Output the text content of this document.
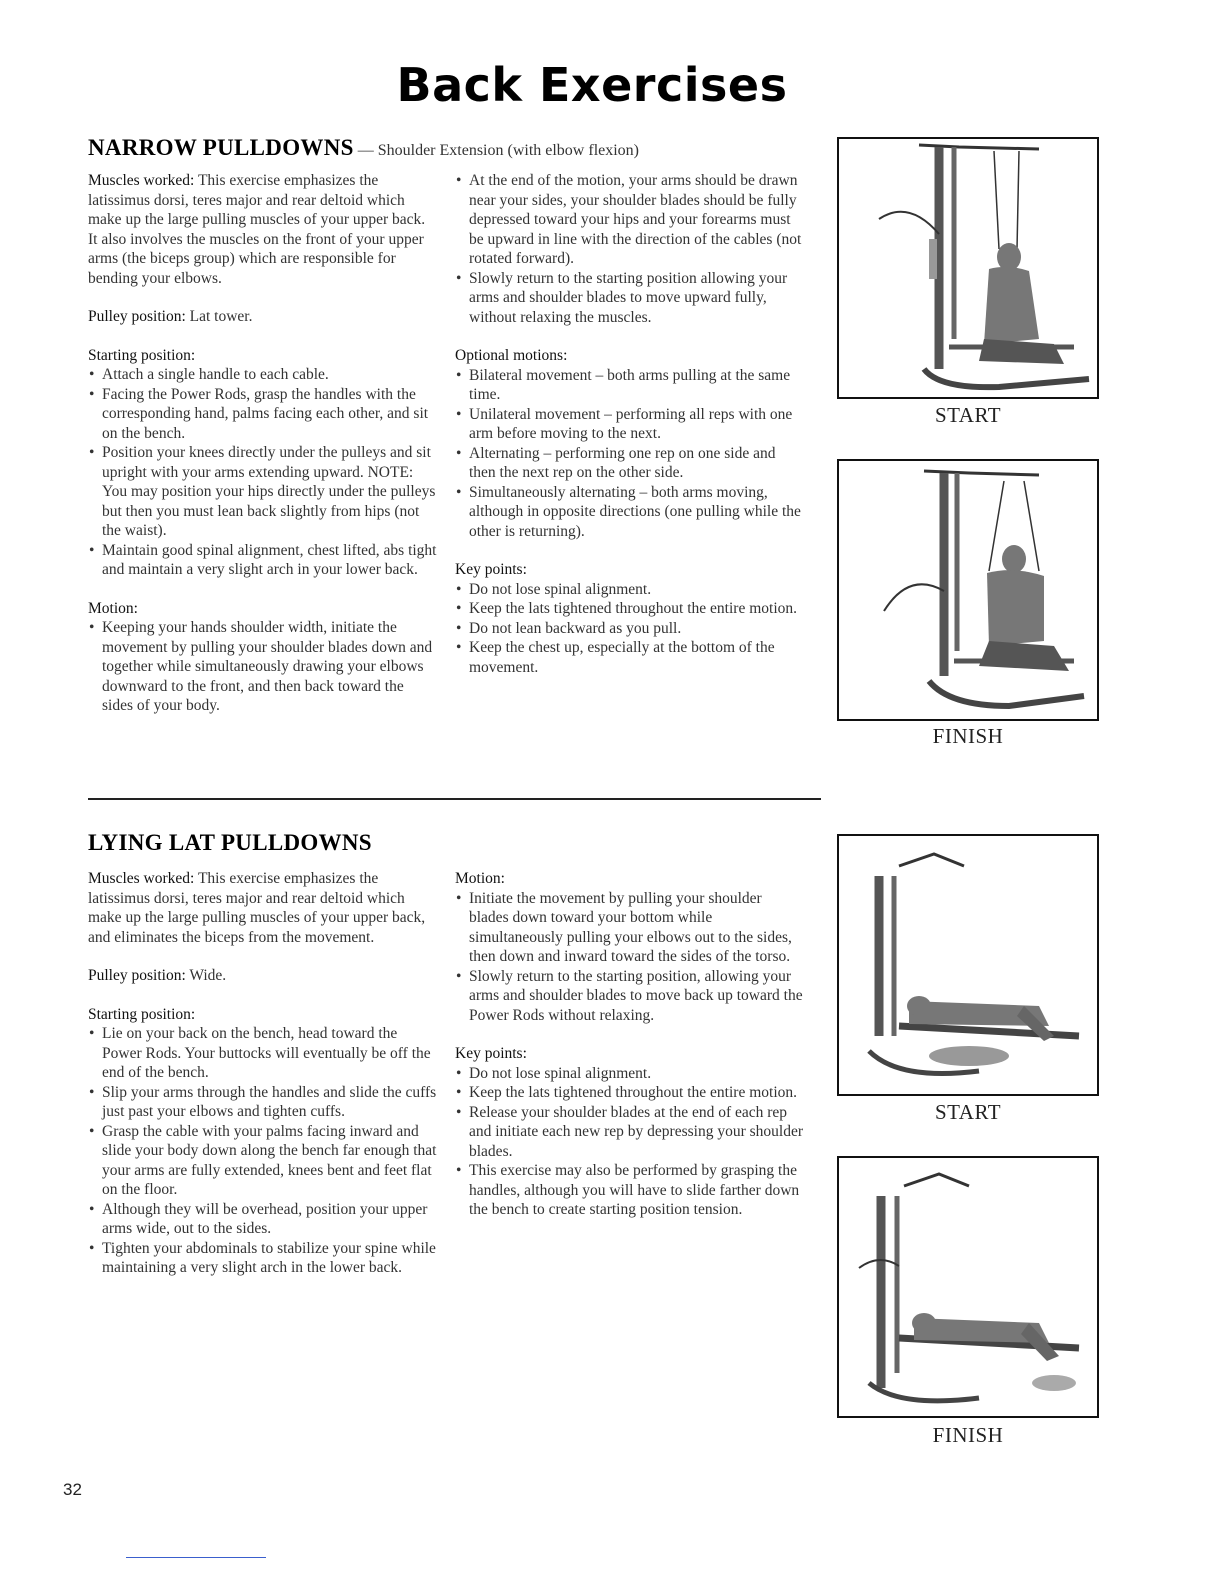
Back Exercises
NARROW PULLDOWNS — Shoulder Extension (with elbow flexion)

Muscles worked: This exercise emphasizes the latissimus dorsi, teres major and rear deltoid which make up the large pulling muscles of your upper back. It also involves the muscles on the front of your upper arms (the biceps group) which are responsible for bending your elbows.

Pulley position: Lat tower.

Starting position:

• Attach a single handle to each cable.
• Facing the Power Rods, grasp the handles with the corresponding hand, palms facing each other, and sit on the bench.
• Position your knees directly under the pulleys and sit upright with your arms extending upward. NOTE: You may position your hips directly under the pulleys but then you must lean back slightly from hips (not the waist).
• Maintain good spinal alignment, chest lifted, abs tight and maintain a very slight arch in your lower back.

Motion:

• Keeping your hands shoulder width, initiate the movement by pulling your shoulder blades down and together while simultaneously drawing your elbows downward to the front, and then back toward the sides of your body.
• At the end of the motion, your arms should be drawn near your sides, your shoulder blades should be fully depressed toward your hips and your forearms must be upward in line with the direction of the cables (not rotated forward).
• Slowly return to the starting position allowing your arms and shoulder blades to move upward fully, without relaxing the muscles.

Optional motions:

• Bilateral movement – both arms pulling at the same time.
• Unilateral movement – performing all reps with one arm before moving to the next.
• Alternating – performing one rep on one side and then the next rep on the other side.
• Simultaneously alternating – both arms moving, although in opposite directions (one pulling while the other is returning).

Key points:

• Do not lose spinal alignment.
• Keep the lats tightened throughout the entire motion.
• Do not lean backward as you pull.
• Keep the chest up, especially at the bottom of the movement.
START
FINISH
LYING LAT PULLDOWNS

Muscles worked: This exercise emphasizes the latissimus dorsi, teres major and rear deltoid which make up the large pulling muscles of your upper back, and eliminates the biceps from the movement.

Pulley position: Wide.

Starting position:

• Lie on your back on the bench, head toward the Power Rods. Your buttocks will eventually be off the end of the bench.
• Slip your arms through the handles and slide the cuffs just past your elbows and tighten cuffs.
• Grasp the cable with your palms facing inward and slide your body down along the bench far enough that your arms are fully extended, knees bent and feet flat on the floor.
• Although they will be overhead, position your upper arms wide, out to the sides.
• Tighten your abdominals to stabilize your spine while maintaining a very slight arch in the lower back.

Motion:

• Initiate the movement by pulling your shoulder blades down toward your bottom while simultaneously pulling your elbows out to the sides, then down and inward toward the sides of the torso.
• Slowly return to the starting position, allowing your arms and shoulder blades to move back up toward the Power Rods without relaxing.

Key points:

• Do not lose spinal alignment.
• Keep the lats tightened throughout the entire motion.
• Release your shoulder blades at the end of each rep and initiate each new rep by depressing your shoulder blades.
• This exercise may also be performed by grasping the handles, although you will have to slide farther down the bench to create starting position tension.
START
FINISH
32
